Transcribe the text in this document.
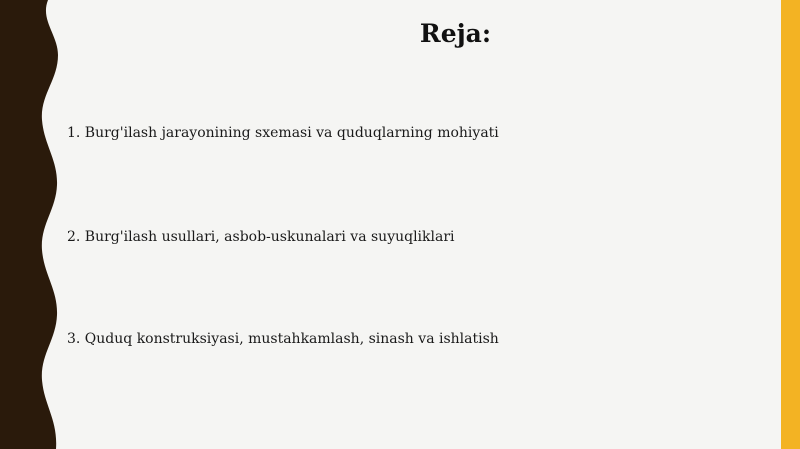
Reja:
1. Burg'ilash jarayonining sxemasi va quduqlarning mohiyati
2. Burg'ilash usullari, asbob-uskunalari va suyuqliklari
3. Quduq konstruksiyasi, mustahkamlash, sinash va ishlatish
